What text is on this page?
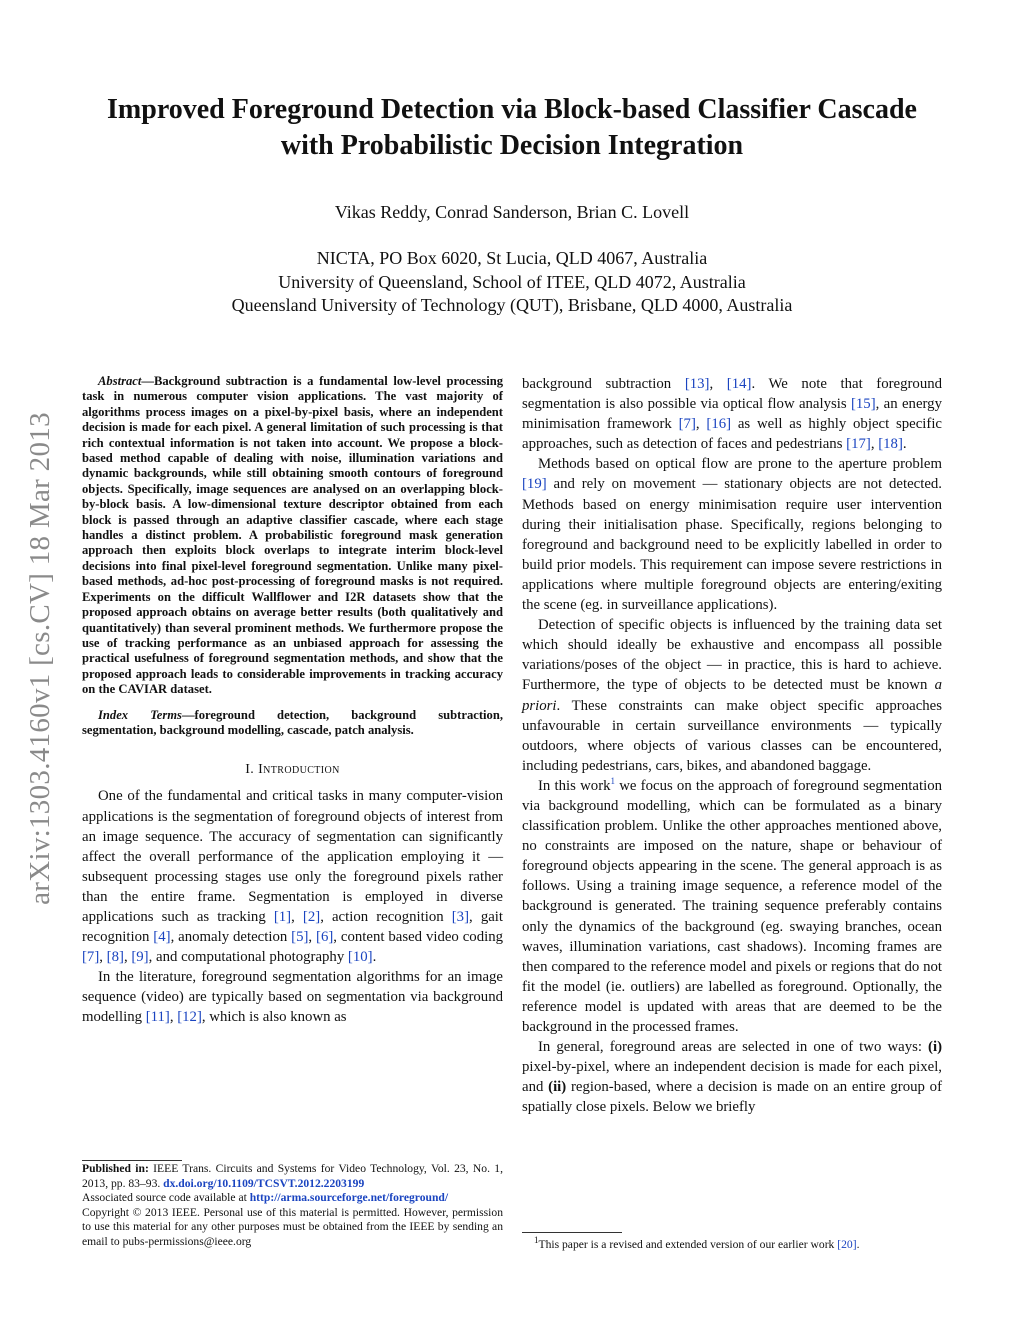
arXiv:1303.4160v1 [cs.CV] 18 Mar 2013
Improved Foreground Detection via Block-based Classifier Cascade
with Probabilistic Decision Integration
Vikas Reddy, Conrad Sanderson, Brian C. Lovell
NICTA, PO Box 6020, St Lucia, QLD 4067, Australia
University of Queensland, School of ITEE, QLD 4072, Australia
Queensland University of Technology (QUT), Brisbane, QLD 4000, Australia

Abstract—Background subtraction is a fundamental low-level processing task in numerous computer vision applications. The vast majority of algorithms process images on a pixel-by-pixel basis, where an independent decision is made for each pixel. A general limitation of such processing is that rich contextual information is not taken into account. We propose a block-based method capable of dealing with noise, illumination variations and dynamic backgrounds, while still obtaining smooth contours of foreground objects. Specifically, image sequences are analysed on an overlapping block-by-block basis. A low-dimensional texture descriptor obtained from each block is passed through an adaptive classifier cascade, where each stage handles a distinct problem. A probabilistic foreground mask generation approach then exploits block overlaps to integrate interim block-level decisions into final pixel-level foreground segmentation. Unlike many pixel-based methods, ad-hoc post-processing of foreground masks is not required. Experiments on the difficult Wallflower and I2R datasets show that the proposed approach obtains on average better results (both qualitatively and quantitatively) than several prominent methods. We furthermore propose the use of tracking performance as an unbiased approach for assessing the practical usefulness of foreground segmentation methods, and show that the proposed approach leads to considerable improvements in tracking accuracy on the CAVIAR dataset.

Index Terms—foreground detection, background subtraction, segmentation, background modelling, cascade, patch analysis.

I. Introduction

One of the fundamental and critical tasks in many computer-vision applications is the segmentation of foreground objects of interest from an image sequence. The accuracy of segmentation can significantly affect the overall performance of the application employing it — subsequent processing stages use only the foreground pixels rather than the entire frame. Segmentation is employed in diverse applications such as tracking [1], [2], action recognition [3], gait recognition [4], anomaly detection [5], [6], content based video coding [7], [8], [9], and computational photography [10].

In the literature, foreground segmentation algorithms for an image sequence (video) are typically based on segmentation via background modelling [11], [12], which is also known as

Published in: IEEE Trans. Circuits and Systems for Video Technology, Vol. 23, No. 1, 2013, pp. 83–93. dx.doi.org/10.1109/TCSVT.2012.2203199
Associated source code available at http://arma.sourceforge.net/foreground/
Copyright © 2013 IEEE. Personal use of this material is permitted. However, permission to use this material for any other purposes must be obtained from the IEEE by sending an email to pubs-permissions@ieee.org

background subtraction [13], [14]. We note that foreground segmentation is also possible via optical flow analysis [15], an energy minimisation framework [7], [16] as well as highly object specific approaches, such as detection of faces and pedestrians [17], [18].

Methods based on optical flow are prone to the aperture problem [19] and rely on movement — stationary objects are not detected. Methods based on energy minimisation require user intervention during their initialisation phase. Specifically, regions belonging to foreground and background need to be explicitly labelled in order to build prior models. This requirement can impose severe restrictions in applications where multiple foreground objects are entering/exiting the scene (eg. in surveillance applications).

Detection of specific objects is influenced by the training data set which should ideally be exhaustive and encompass all possible variations/poses of the object — in practice, this is hard to achieve. Furthermore, the type of objects to be detected must be known a priori. These constraints can make object specific approaches unfavourable in certain surveillance environments — typically outdoors, where objects of various classes can be encountered, including pedestrians, cars, bikes, and abandoned baggage.

In this work$^1$ we focus on the approach of foreground segmentation via background modelling, which can be formulated as a binary classification problem. Unlike the other approaches mentioned above, no constraints are imposed on the nature, shape or behaviour of foreground objects appearing in the scene. The general approach is as follows. Using a training image sequence, a reference model of the background is generated. The training sequence preferably contains only the dynamics of the background (eg. swaying branches, ocean waves, illumination variations, cast shadows). Incoming frames are then compared to the reference model and pixels or regions that do not fit the model (ie. outliers) are labelled as foreground. Optionally, the reference model is updated with areas that are deemed to be the background in the processed frames.

In general, foreground areas are selected in one of two ways: (i) pixel-by-pixel, where an independent decision is made for each pixel, and (ii) region-based, where a decision is made on an entire group of spatially close pixels. Below we briefly

$^1$This paper is a revised and extended version of our earlier work [20].
